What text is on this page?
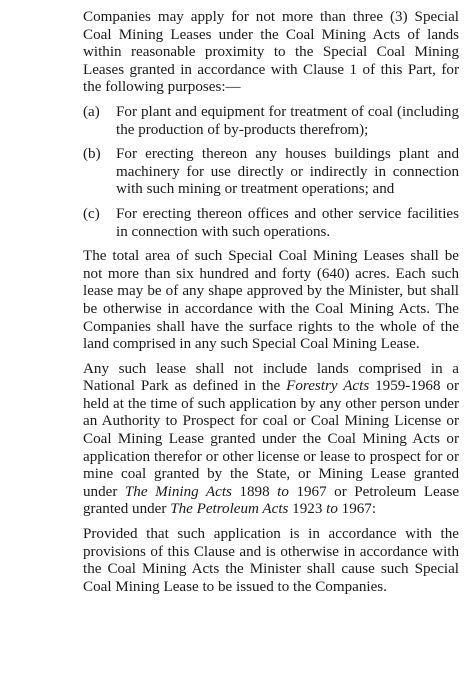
Companies may apply for not more than three (3) Special Coal Mining Leases under the Coal Mining Acts of lands within reasonable proximity to the Special Coal Mining Leases granted in accordance with Clause 1 of this Part, for the following purposes:—

(a)	For plant and equipment for treatment of coal (including the production of by-products therefrom);
(b)	For erecting thereon any houses buildings plant and machinery for use directly or indirectly in connection with such mining or treatment operations; and
(c)	For erecting thereon offices and other service facilities in connection with such operations.

The total area of such Special Coal Mining Leases shall be not more than six hundred and forty (640) acres. Each such lease may be of any shape approved by the Minister, but shall be otherwise in accordance with the Coal Mining Acts. The Companies shall have the surface rights to the whole of the land comprised in any such Special Coal Mining Lease.

Any such lease shall not include lands comprised in a National Park as defined in the Forestry Acts 1959-1968 or held at the time of such application by any other person under an Authority to Prospect for coal or Coal Mining License or Coal Mining Lease granted under the Coal Mining Acts or application therefor or other license or lease to prospect for or mine coal granted by the State, or Mining Lease granted under The Mining Acts 1898 to 1967 or Petroleum Lease granted under The Petroleum Acts 1923 to 1967:

Provided that such application is in accordance with the provisions of this Clause and is otherwise in accordance with the Coal Mining Acts the Minister shall cause such Special Coal Mining Lease to be issued to the Companies.
